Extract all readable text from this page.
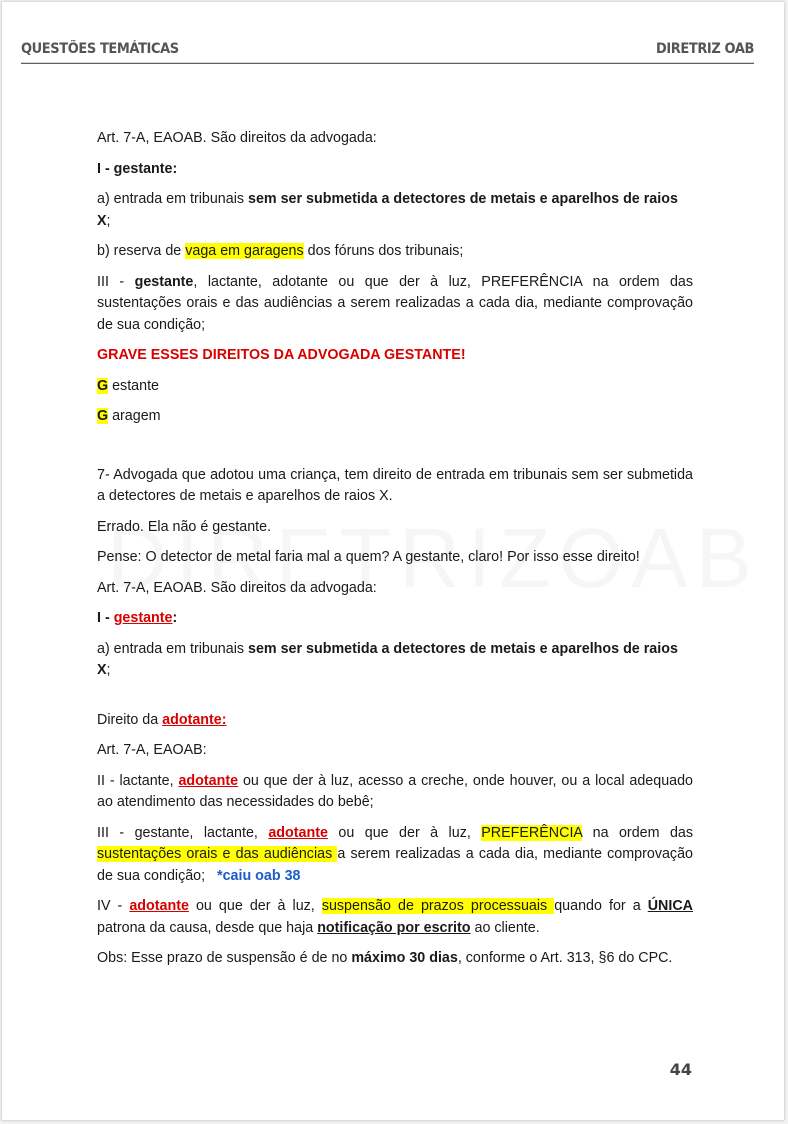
QUESTÕES TEMÁTICAS	DIRETRIZ OAB

Art. 7-A, EAOAB. São direitos da advogada:

I - gestante:

a) entrada em tribunais sem ser submetida a detectores de metais e aparelhos de raios X;

b) reserva de vaga em garagens dos fóruns dos tribunais;

III - gestante, lactante, adotante ou que der à luz, PREFERÊNCIA na ordem das sustentações orais e das audiências a serem realizadas a cada dia, mediante comprovação de sua condição;

GRAVE ESSES DIREITOS DA ADVOGADA GESTANTE!

G estante

G aragem

7- Advogada que adotou uma criança, tem direito de entrada em tribunais sem ser submetida a detectores de metais e aparelhos de raios X.

Errado. Ela não é gestante.

Pense: O detector de metal faria mal a quem? A gestante, claro! Por isso esse direito!

Art. 7-A, EAOAB. São direitos da advogada:

I - gestante:

a) entrada em tribunais sem ser submetida a detectores de metais e aparelhos de raios X;

Direito da adotante:

Art. 7-A, EAOAB:

II - lactante, adotante ou que der à luz, acesso a creche, onde houver, ou a local adequado ao atendimento das necessidades do bebê;

III - gestante, lactante, adotante ou que der à luz, PREFERÊNCIA na ordem das sustentações orais e das audiências a serem realizadas a cada dia, mediante comprovação de sua condição; *caiu oab 38

IV - adotante ou que der à luz, suspensão de prazos processuais quando for a ÚNICA patrona da causa, desde que haja notificação por escrito ao cliente.

Obs: Esse prazo de suspensão é de no máximo 30 dias, conforme o Art. 313, §6 do CPC.

44
